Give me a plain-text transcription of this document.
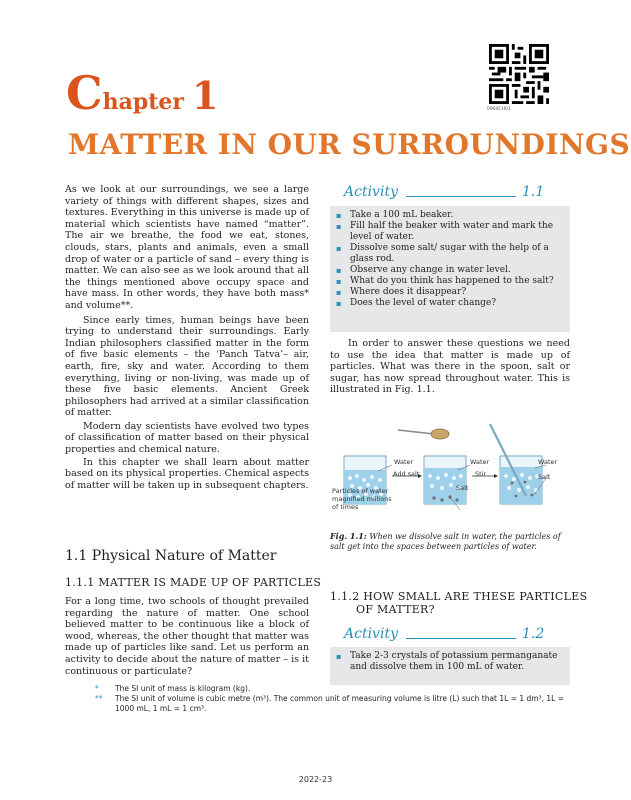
Chapter 1	0964CH01
MATTER IN OUR SURROUNDINGS

As we look at our surroundings, we see a large variety of things with different shapes, sizes and textures. Everything in this universe is made up of material which scientists have named “matter”. The air we breathe, the food we eat, stones, clouds, stars, plants and animals, even a small drop of water or a particle of sand – every thing is matter. We can also see as we look around that all the things mentioned above occupy space and have mass. In other words, they have both mass* and volume**.

Since early times, human beings have been trying to understand their surroundings. Early Indian philosophers classified matter in the form of five basic elements – the ‘Panch Tatva’– air, earth, fire, sky and water. According to them everything, living or non-living, was made up of these five basic elements. Ancient Greek philosophers had arrived at a similar classification of matter.

Modern day scientists have evolved two types of classification of matter based on their physical properties and chemical nature.

In this chapter we shall learn about matter based on its physical properties. Chemical aspects of matter will be taken up in subsequent chapters.

1.1 Physical Nature of Matter
1.1.1 MATTER IS MADE UP OF PARTICLES

For a long time, two schools of thought prevailed regarding the nature of matter. One school believed matter to be continuous like a block of wood, whereas, the other thought that matter was made up of particles like sand. Let us perform an activity to decide about the nature of matter – is it continuous or particulate?

Activity	1.1
▪ Take a 100 mL beaker.
▪ Fill half the beaker with water and mark the level of water.
▪ Dissolve some salt/ sugar with the help of a glass rod.
▪ Observe any change in water level.
▪ What do you think has happened to the salt?
▪ Where does it disappear?
▪ Does the level of water change?

In order to answer these questions we need to use the idea that matter is made up of particles. What was there in the spoon, salt or sugar, has now spread throughout water. This is illustrated in Fig. 1.1.

Water
Add salt
Water
Stir
Water
Salt
Salt
Particles of water
magnified millions
of times
Fig. 1.1: When we dissolve salt in water, the particles of salt get into the spaces between particles of water.
1.1.2 HOW SMALL ARE THESE PARTICLES
OF MATTER?
Activity	1.2
▪ Take 2-3 crystals of potassium permanganate and dissolve them in 100 mL of water.
* The SI unit of mass is kilogram (kg).
** The SI unit of volume is cubic metre (m³). The common unit of measuring volume is litre (L) such that 1L = 1 dm³, 1L = 1000 mL, 1 mL = 1 cm³.
2022-23
